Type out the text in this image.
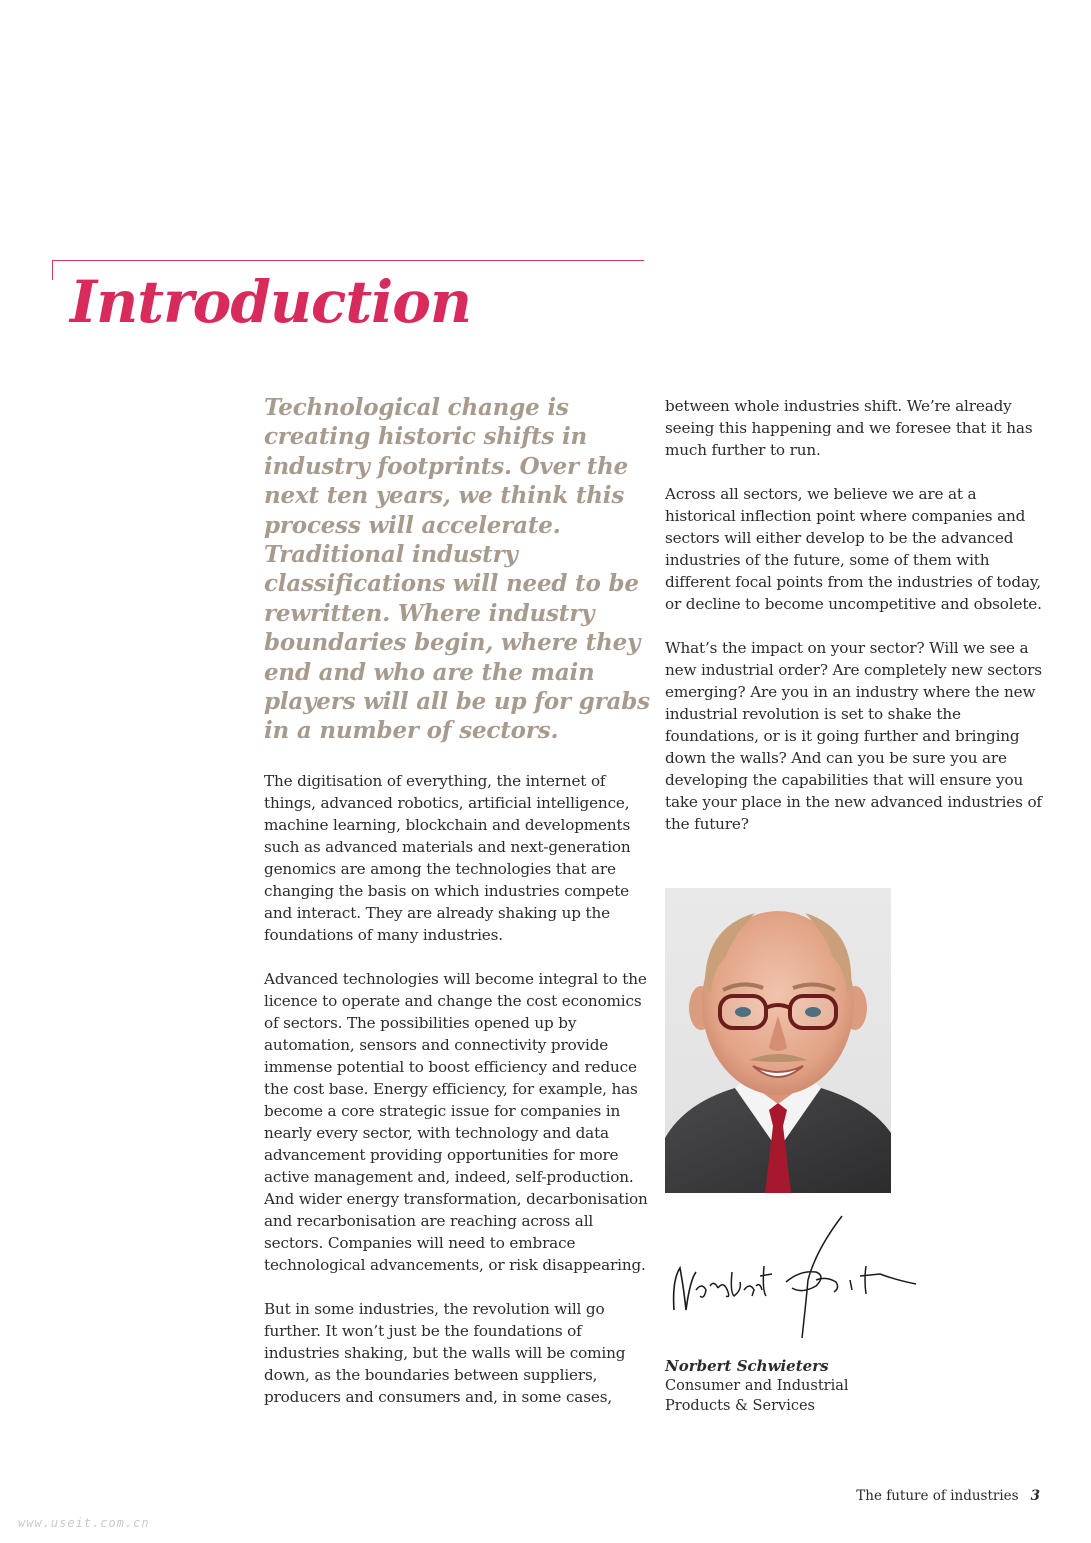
Introduction

Technological change is creating historic shifts in industry footprints. Over the next ten years, we think this process will accelerate. Traditional industry classifications will need to be rewritten. Where industry boundaries begin, where they end and who are the main players will all be up for grabs in a number of sectors.

The digitisation of everything, the internet of things, advanced robotics, artificial intelligence, machine learning, blockchain and developments such as advanced materials and next-generation genomics are among the technologies that are changing the basis on which industries compete and interact. They are already shaking up the foundations of many industries.

Advanced technologies will become integral to the licence to operate and change the cost economics of sectors. The possibilities opened up by automation, sensors and connectivity provide immense potential to boost efficiency and reduce the cost base. Energy efficiency, for example, has become a core strategic issue for companies in nearly every sector, with technology and data advancement providing opportunities for more active management and, indeed, self-production. And wider energy transformation, decarbonisation and recarbonisation are reaching across all sectors. Companies will need to embrace technological advancements, or risk disappearing.

But in some industries, the revolution will go further. It won’t just be the foundations of industries shaking, but the walls will be coming down, as the boundaries between suppliers, producers and consumers and, in some cases,

between whole industries shift. We’re already seeing this happening and we foresee that it has much further to run.

Across all sectors, we believe we are at a historical inflection point where companies and sectors will either develop to be the advanced industries of the future, some of them with different focal points from the industries of today, or decline to become uncompetitive and obsolete.

What’s the impact on your sector? Will we see a new industrial order? Are completely new sectors emerging? Are you in an industry where the new industrial revolution is set to shake the foundations, or is it going further and bringing down the walls? And can you be sure you are developing the capabilities that will ensure you take your place in the new advanced industries of the future?

Norbert Schwieters

Consumer and Industrial Products & Services

The future of industries 3
www.useit.com.cn
